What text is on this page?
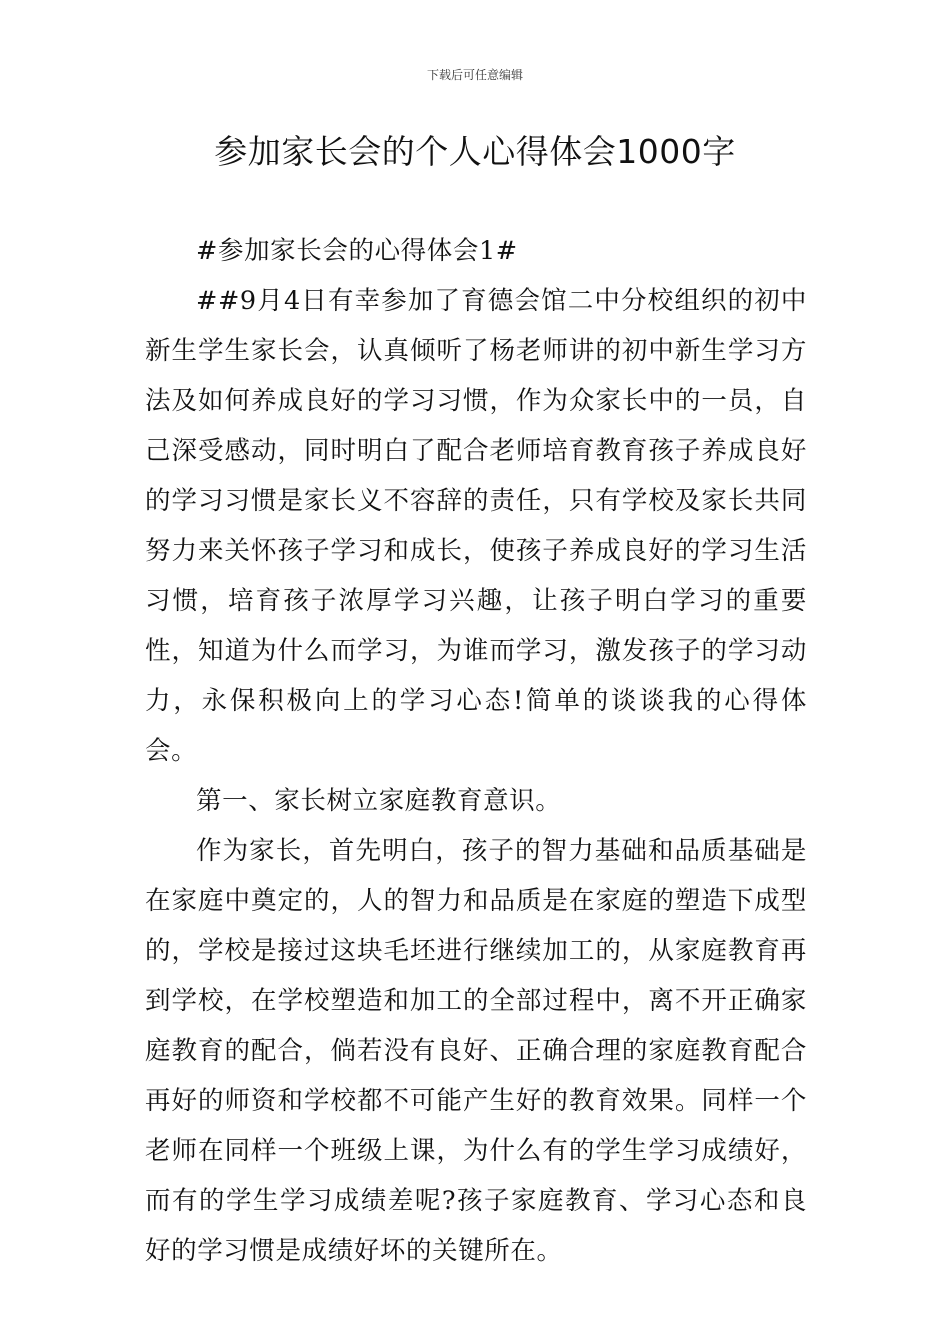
下载后可任意编辑
参加家长会的个人心得体会1000字

#参加家长会的心得体会1#

##9月4日有幸参加了育德会馆二中分校组织的初中新生学生家长会，认真倾听了杨老师讲的初中新生学习方法及如何养成良好的学习习惯，作为众家长中的一员，自己深受感动，同时明白了配合老师培育教育孩子养成良好的学习习惯是家长义不容辞的责任，只有学校及家长共同努力来关怀孩子学习和成长，使孩子养成良好的学习生活习惯，培育孩子浓厚学习兴趣，让孩子明白学习的重要性，知道为什么而学习，为谁而学习，激发孩子的学习动力，永保积极向上的学习心态!简单的谈谈我的心得体会。

第一、家长树立家庭教育意识。

作为家长，首先明白，孩子的智力基础和品质基础是在家庭中奠定的，人的智力和品质是在家庭的塑造下成型的，学校是接过这块毛坯进行继续加工的，从家庭教育再到学校，在学校塑造和加工的全部过程中，离不开正确家庭教育的配合，倘若没有良好、正确合理的家庭教育配合再好的师资和学校都不可能产生好的教育效果。同样一个老师在同样一个班级上课，为什么有的学生学习成绩好，而有的学生学习成绩差呢?孩子家庭教育、学习心态和良好的学习惯是成绩好坏的关键所在。
